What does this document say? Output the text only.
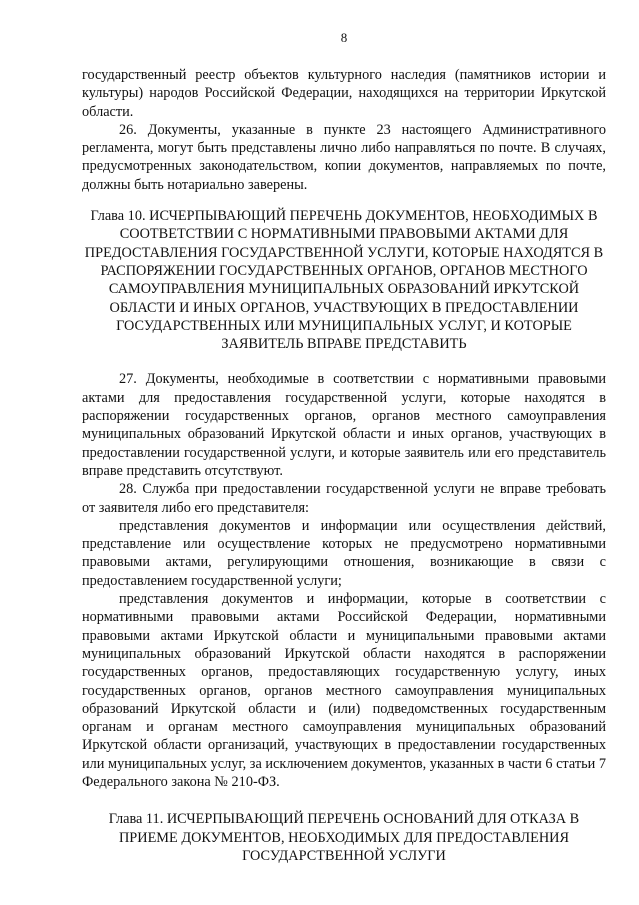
8

государственный реестр объектов культурного наследия (памятников истории и культуры) народов Российской Федерации, находящихся на территории Иркутской области.

26. Документы, указанные в пункте 23 настоящего Административного регламента, могут быть представлены лично либо направляться по почте. В случаях, предусмотренных законодательством, копии документов, направляемых по почте, должны быть нотариально заверены.

Глава 10. ИСЧЕРПЫВАЮЩИЙ ПЕРЕЧЕНЬ ДОКУМЕНТОВ, НЕОБХОДИМЫХ В СООТВЕТСТВИИ С НОРМАТИВНЫМИ ПРАВОВЫМИ АКТАМИ ДЛЯ ПРЕДОСТАВЛЕНИЯ ГОСУДАРСТВЕННОЙ УСЛУГИ, КОТОРЫЕ НАХОДЯТСЯ В РАСПОРЯЖЕНИИ ГОСУДАРСТВЕННЫХ ОРГАНОВ, ОРГАНОВ МЕСТНОГО САМОУПРАВЛЕНИЯ МУНИЦИПАЛЬНЫХ ОБРАЗОВАНИЙ ИРКУТСКОЙ ОБЛАСТИ И ИНЫХ ОРГАНОВ, УЧАСТВУЮЩИХ В ПРЕДОСТАВЛЕНИИ ГОСУДАРСТВЕННЫХ ИЛИ МУНИЦИПАЛЬНЫХ УСЛУГ, И КОТОРЫЕ ЗАЯВИТЕЛЬ ВПРАВЕ ПРЕДСТАВИТЬ

27. Документы, необходимые в соответствии с нормативными правовыми актами для предоставления государственной услуги, которые находятся в распоряжении государственных органов, органов местного самоуправления муниципальных образований Иркутской области и иных органов, участвующих в предоставлении государственной услуги, и которые заявитель или его представитель вправе представить отсутствуют.

28. Служба при предоставлении государственной услуги не вправе требовать от заявителя либо его представителя:

представления документов и информации или осуществления действий, представление или осуществление которых не предусмотрено нормативными правовыми актами, регулирующими отношения, возникающие в связи с предоставлением государственной услуги;

представления документов и информации, которые в соответствии с нормативными правовыми актами Российской Федерации, нормативными правовыми актами Иркутской области и муниципальными правовыми актами муниципальных образований Иркутской области находятся в распоряжении государственных органов, предоставляющих государственную услугу, иных государственных органов, органов местного самоуправления муниципальных образований Иркутской области и (или) подведомственных государственным органам и органам местного самоуправления муниципальных образований Иркутской области организаций, участвующих в предоставлении государственных или муниципальных услуг, за исключением документов, указанных в части 6 статьи 7 Федерального закона № 210-ФЗ.

Глава 11. ИСЧЕРПЫВАЮЩИЙ ПЕРЕЧЕНЬ ОСНОВАНИЙ ДЛЯ ОТКАЗА В ПРИЕМЕ ДОКУМЕНТОВ, НЕОБХОДИМЫХ ДЛЯ ПРЕДОСТАВЛЕНИЯ ГОСУДАРСТВЕННОЙ УСЛУГИ
